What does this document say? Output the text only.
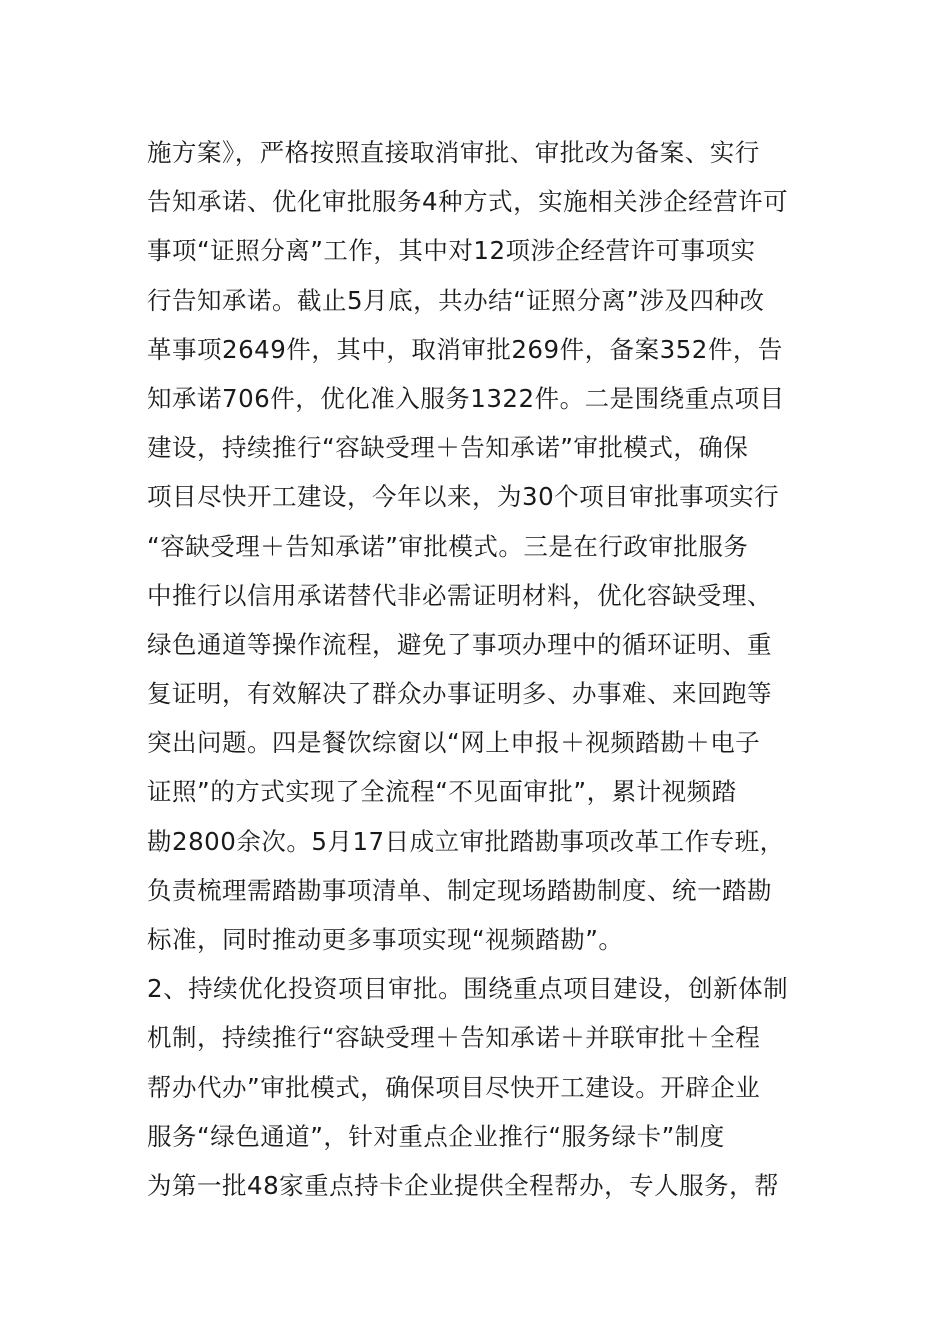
施方案》，严格按照直接取消审批、审批改为备案、实行
告知承诺、优化审批服务4种方式，实施相关涉企经营许可
事项“证照分离”工作，其中对12项涉企经营许可事项实
行告知承诺。截止5月底，共办结“证照分离”涉及四种改
革事项2649件，其中，取消审批269件，备案352件，告
知承诺706件，优化准入服务1322件。二是围绕重点项目
建设，持续推行“容缺受理＋告知承诺”审批模式，确保
项目尽快开工建设，今年以来，为30个项目审批事项实行
“容缺受理＋告知承诺”审批模式。三是在行政审批服务
中推行以信用承诺替代非必需证明材料，优化容缺受理、
绿色通道等操作流程，避免了事项办理中的循环证明、重
复证明，有效解决了群众办事证明多、办事难、来回跑等
突出问题。四是餐饮综窗以“网上申报＋视频踏勘＋电子
证照”的方式实现了全流程“不见面审批”，累计视频踏
勘2800余次。5月17日成立审批踏勘事项改革工作专班，
负责梳理需踏勘事项清单、制定现场踏勘制度、统一踏勘
标准，同时推动更多事项实现“视频踏勘”。
2、持续优化投资项目审批。围绕重点项目建设，创新体制
机制，持续推行“容缺受理＋告知承诺＋并联审批＋全程
帮办代办”审批模式，确保项目尽快开工建设。开辟企业
服务“绿色通道”，针对重点企业推行“服务绿卡”制度
为第一批48家重点持卡企业提供全程帮办，专人服务，帮
